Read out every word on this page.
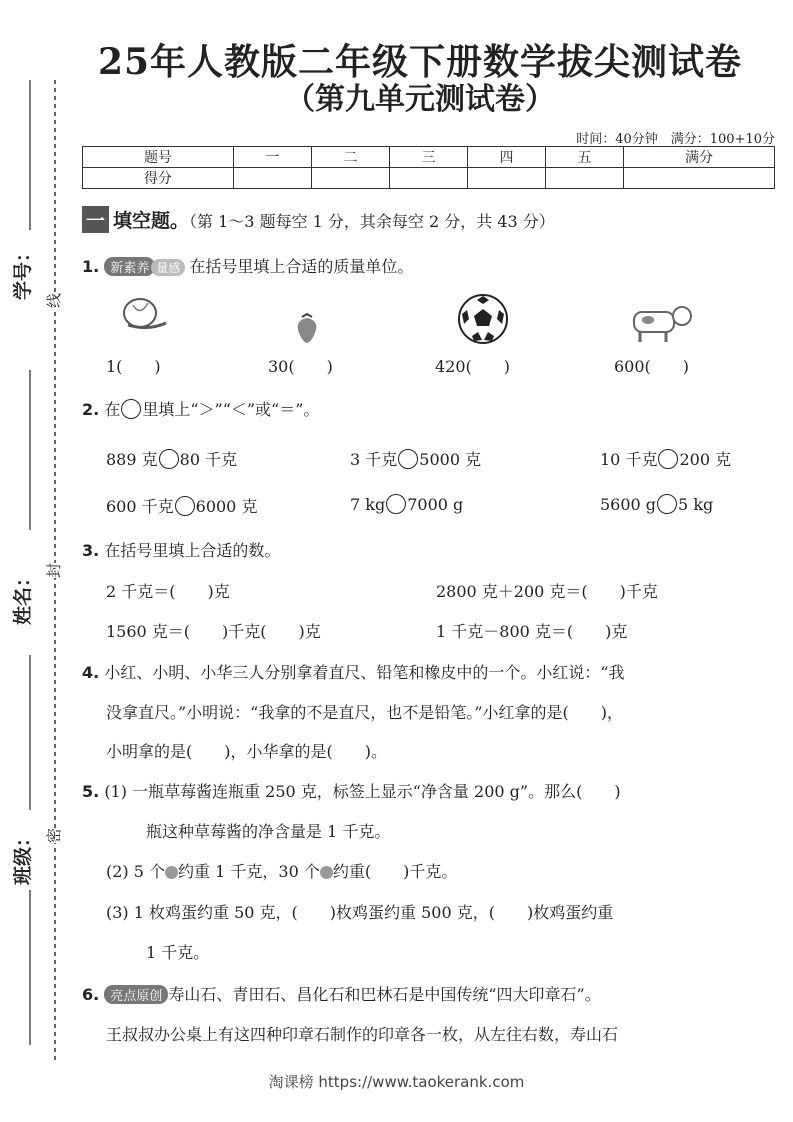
学号：
线
姓名： 封
班级： 密
25年人教版二年级下册数学拔尖测试卷
（第九单元测试卷）
时间：40分钟　满分：100+10分
题号	一	二	三	四	五	满分
得分						
一 填空题。（第 1～3 题每空 1 分，其余每空 2 分，共 43 分）
1. 新素养 量感 在括号里填上合适的质量单位。
1(　　)	30(　　)	420(　　)	600(　　)
2. 在 里填上“＞”“＜”或“＝”。
889 克 80 千克	3 千克 5000 克	10 千克 200 克
600 千克 6000 克	7 kg 7000 g	5600 g 5 kg
3. 在括号里填上合适的数。
2 千克＝(　　)克	2800 克＋200 克＝(　　)千克
1560 克＝(　　)千克(　　)克	1 千克－800 克＝(　　)克
4. 小红、小明、小华三人分别拿着直尺、铅笔和橡皮中的一个。小红说：“我
没拿直尺。”小明说：“我拿的不是直尺，也不是铅笔。”小红拿的是(　　)，
小明拿的是(　　)，小华拿的是(　　)。
5. (1) 一瓶草莓酱连瓶重 250 克，标签上显示“净含量 200 g”。那么(　　)
瓶这种草莓酱的净含量是 1 千克。
(2) 5 个 约重 1 千克，30 个 约重(　　)千克。
(3) 1 枚鸡蛋约重 50 克，(　　)枚鸡蛋约重 500 克，(　　)枚鸡蛋约重
1 千克。
6. 亮点原创 寿山石、青田石、昌化石和巴林石是中国传统“四大印章石”。
王叔叔办公桌上有这四种印章石制作的印章各一枚，从左往右数，寿山石
淘课榜 https://www.taokerank.com
